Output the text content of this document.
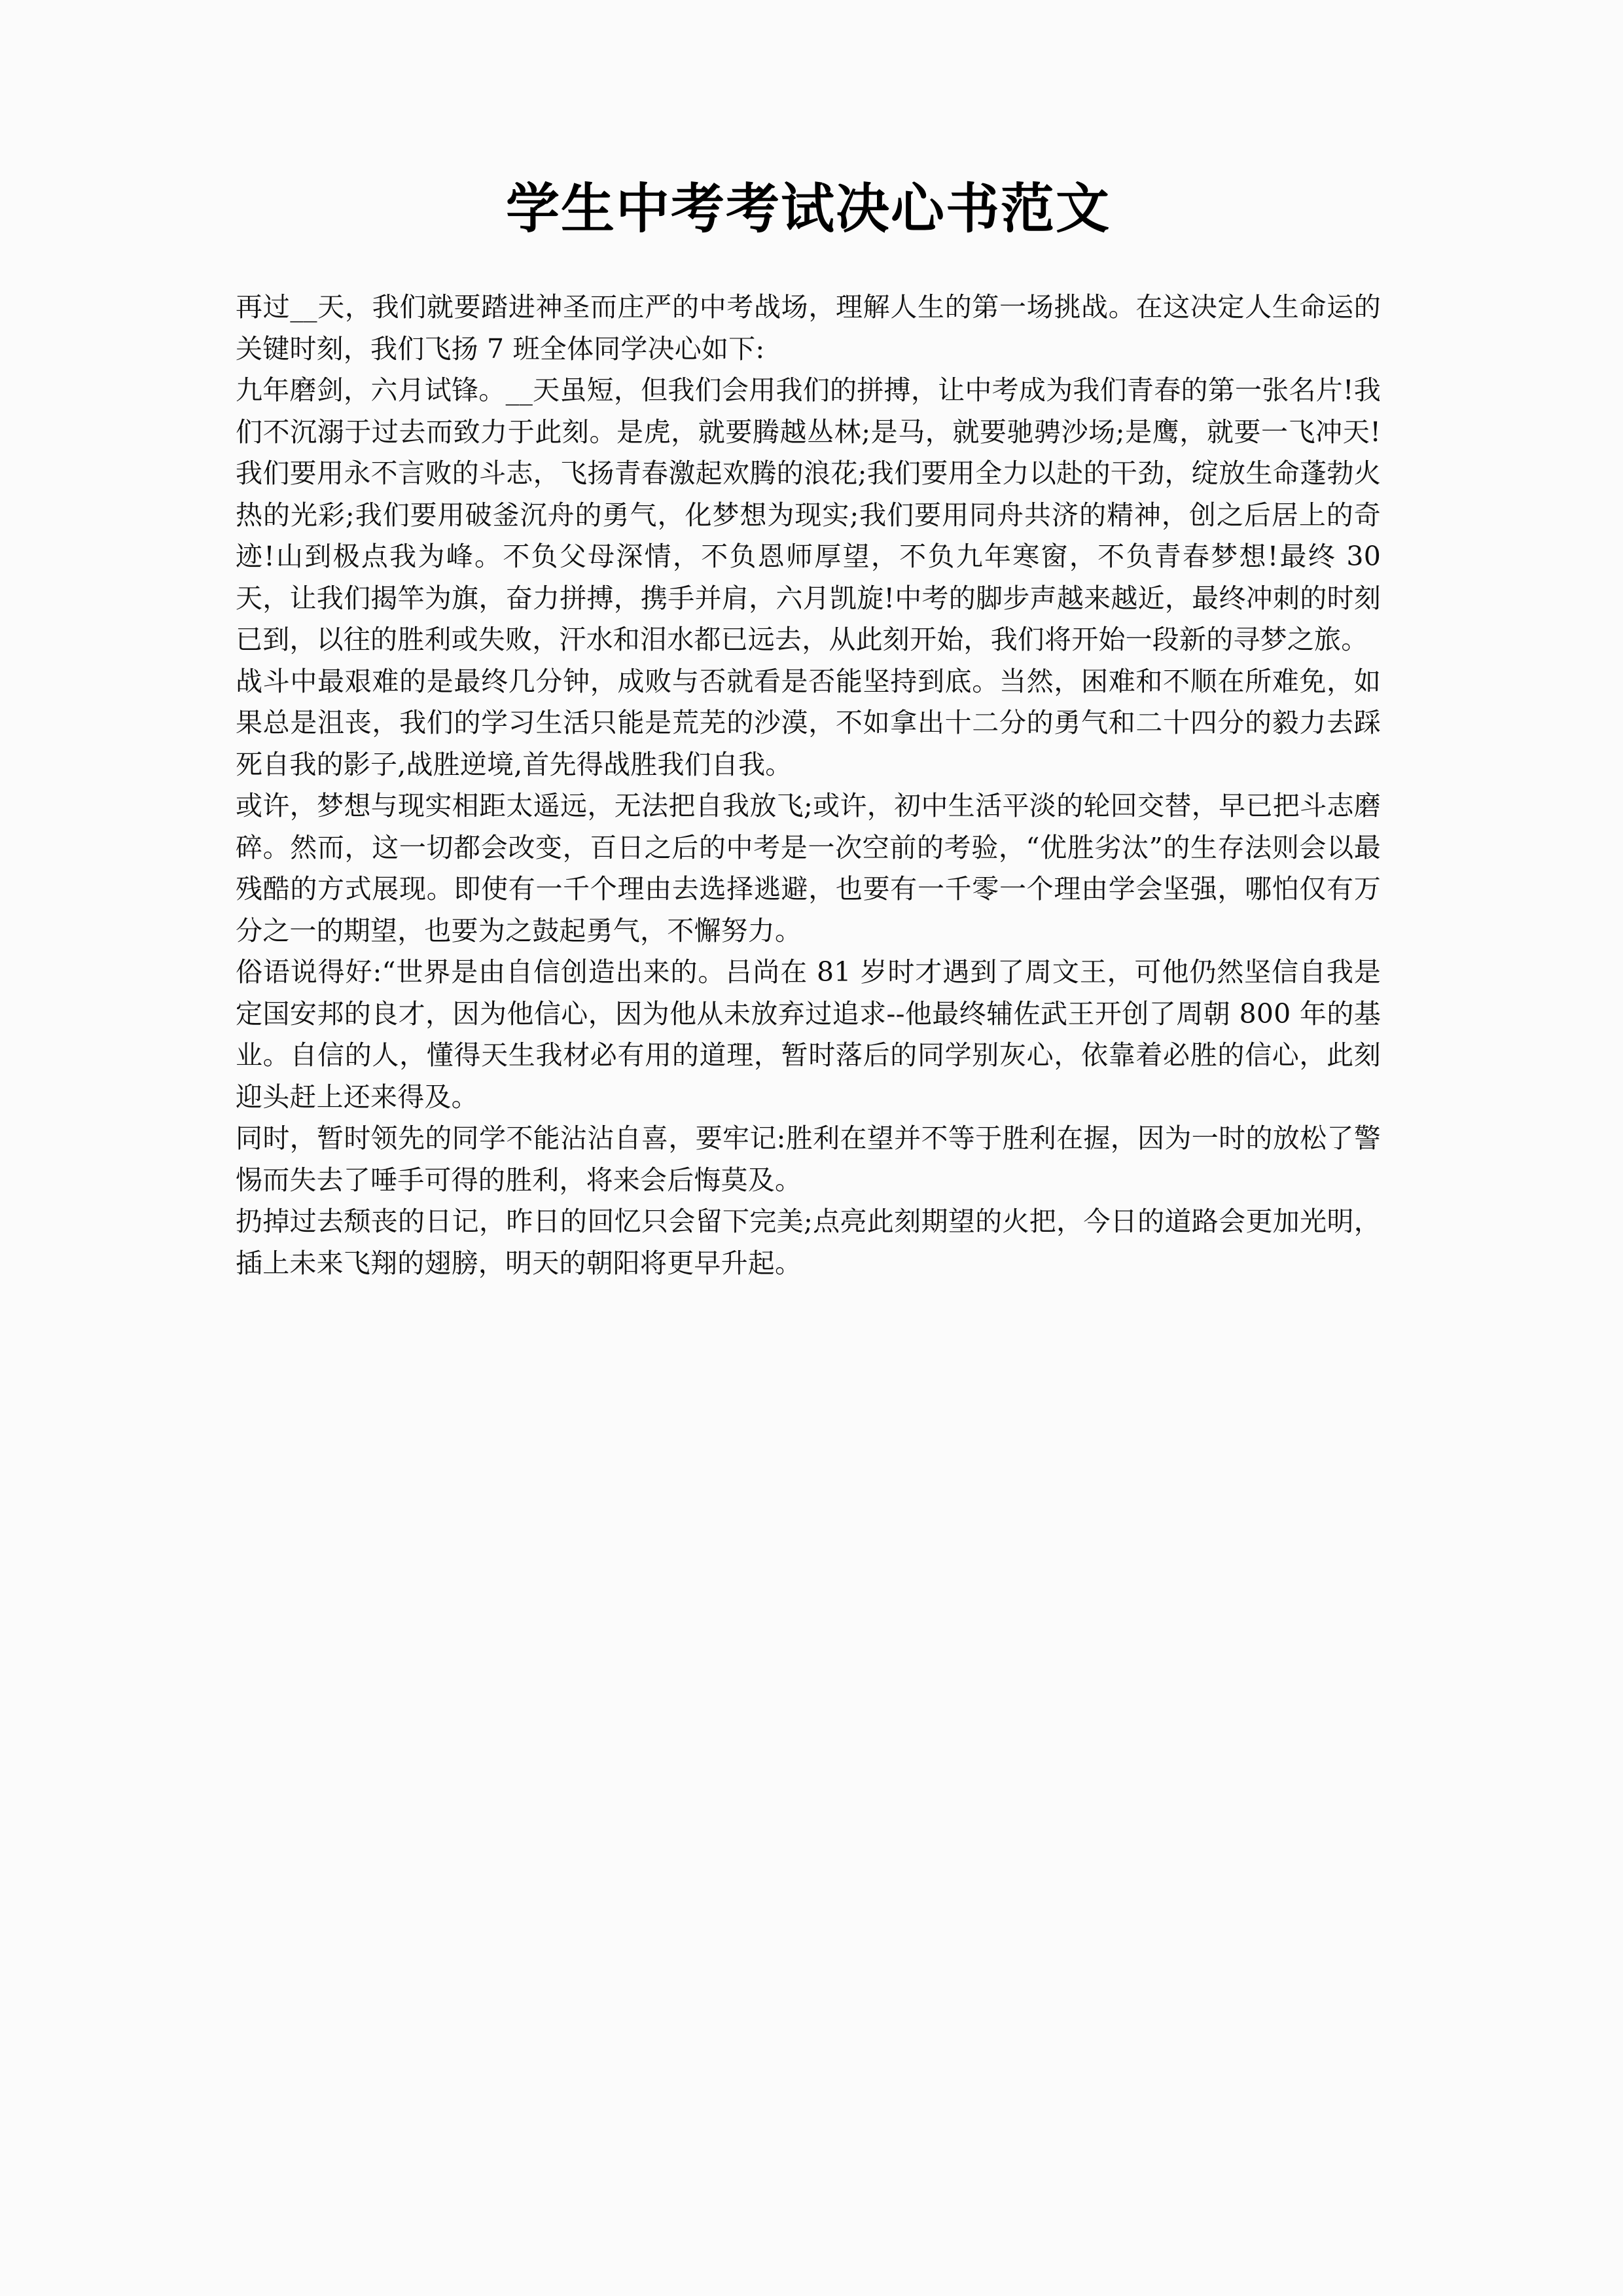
学生中考考试决心书范文

再过__天，我们就要踏进神圣而庄严的中考战场，理解人生的第一场挑战。在这决定人生命运的关键时刻，我们飞扬 7 班全体同学决心如下:

九年磨剑，六月试锋。__天虽短，但我们会用我们的拼搏，让中考成为我们青春的第一张名片!我们不沉溺于过去而致力于此刻。是虎，就要腾越丛林;是马，就要驰骋沙场;是鹰，就要一飞冲天!我们要用永不言败的斗志，飞扬青春激起欢腾的浪花;我们要用全力以赴的干劲，绽放生命蓬勃火热的光彩;我们要用破釜沉舟的勇气，化梦想为现实;我们要用同舟共济的精神，创之后居上的奇迹!山到极点我为峰。不负父母深情，不负恩师厚望，不负九年寒窗，不负青春梦想!最终 30 天，让我们揭竿为旗，奋力拼搏，携手并肩，六月凯旋!中考的脚步声越来越近，最终冲刺的时刻已到，以往的胜利或失败，汗水和泪水都已远去，从此刻开始，我们将开始一段新的寻梦之旅。

战斗中最艰难的是最终几分钟，成败与否就看是否能坚持到底。当然，困难和不顺在所难免，如果总是沮丧，我们的学习生活只能是荒芜的沙漠，不如拿出十二分的勇气和二十四分的毅力去踩死自我的影子,战胜逆境,首先得战胜我们自我。

或许，梦想与现实相距太遥远，无法把自我放飞;或许，初中生活平淡的轮回交替，早已把斗志磨碎。然而，这一切都会改变，百日之后的中考是一次空前的考验，“优胜劣汰”的生存法则会以最残酷的方式展现。即使有一千个理由去选择逃避，也要有一千零一个理由学会坚强，哪怕仅有万分之一的期望，也要为之鼓起勇气，不懈努力。

俗语说得好:“世界是由自信创造出来的。吕尚在 81 岁时才遇到了周文王，可他仍然坚信自我是定国安邦的良才，因为他信心，因为他从未放弃过追求--他最终辅佐武王开创了周朝 800 年的基业。自信的人，懂得天生我材必有用的道理，暂时落后的同学别灰心，依靠着必胜的信心，此刻迎头赶上还来得及。

同时，暂时领先的同学不能沾沾自喜，要牢记:胜利在望并不等于胜利在握，因为一时的放松了警惕而失去了唾手可得的胜利，将来会后悔莫及。

扔掉过去颓丧的日记，昨日的回忆只会留下完美;点亮此刻期望的火把，今日的道路会更加光明，插上未来飞翔的翅膀，明天的朝阳将更早升起。
